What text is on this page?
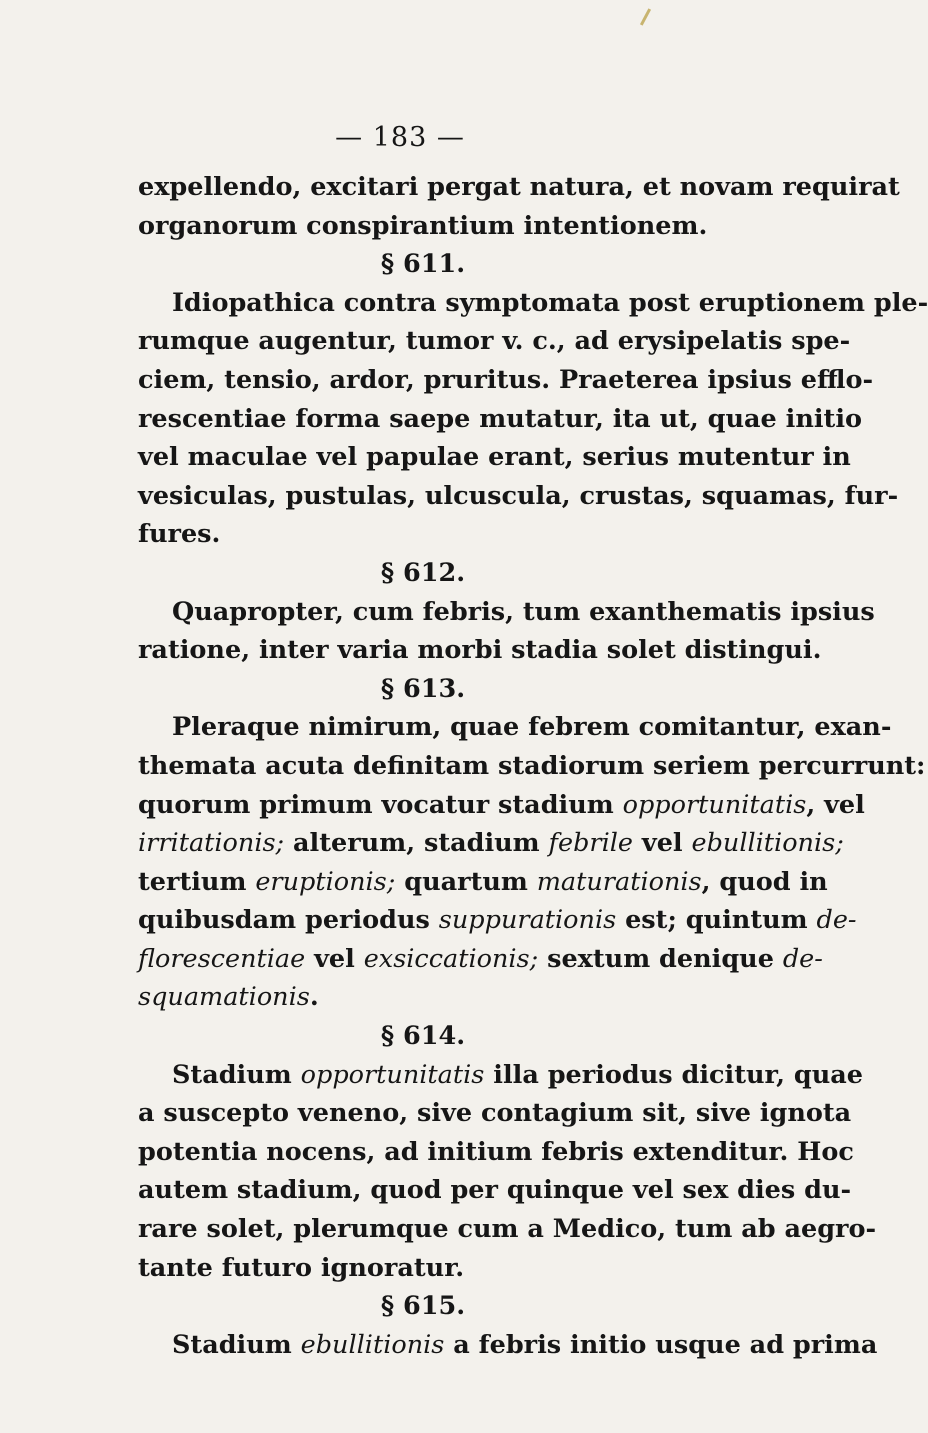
— 183 —
expellendo, excitari pergat natura, et novam requirat
organorum conspirantium intentionem.
§ 611.
Idiopathica contra symptomata post eruptionem ple-
rumque augentur, tumor v. c., ad erysipelatis spe-
ciem, tensio, ardor, pruritus. Praeterea ipsius efflo-
rescentiae forma saepe mutatur, ita ut, quae initio
vel maculae vel papulae erant, serius mutentur in
vesiculas, pustulas, ulcuscula, crustas, squamas, fur-
fures.
§ 612.
Quapropter, cum febris, tum exanthematis ipsius
ratione, inter varia morbi stadia solet distingui.
§ 613.
Pleraque nimirum, quae febrem comitantur, exan-
themata acuta definitam stadiorum seriem percurrunt:
quorum primum vocatur stadium opportunitatis, vel
irritationis; alterum, stadium febrile vel ebullitionis;
tertium eruptionis; quartum maturationis, quod in
quibusdam periodus suppurationis est; quintum de-
florescentiae vel exsiccationis; sextum denique de-
squamationis.
§ 614.
Stadium opportunitatis illa periodus dicitur, quae
a suscepto veneno, sive contagium sit, sive ignota
potentia nocens, ad initium febris extenditur. Hoc
autem stadium, quod per quinque vel sex dies du-
rare solet, plerumque cum a Medico, tum ab aegro-
tante futuro ignoratur.
§ 615.
Stadium ebullitionis a febris initio usque ad prima
